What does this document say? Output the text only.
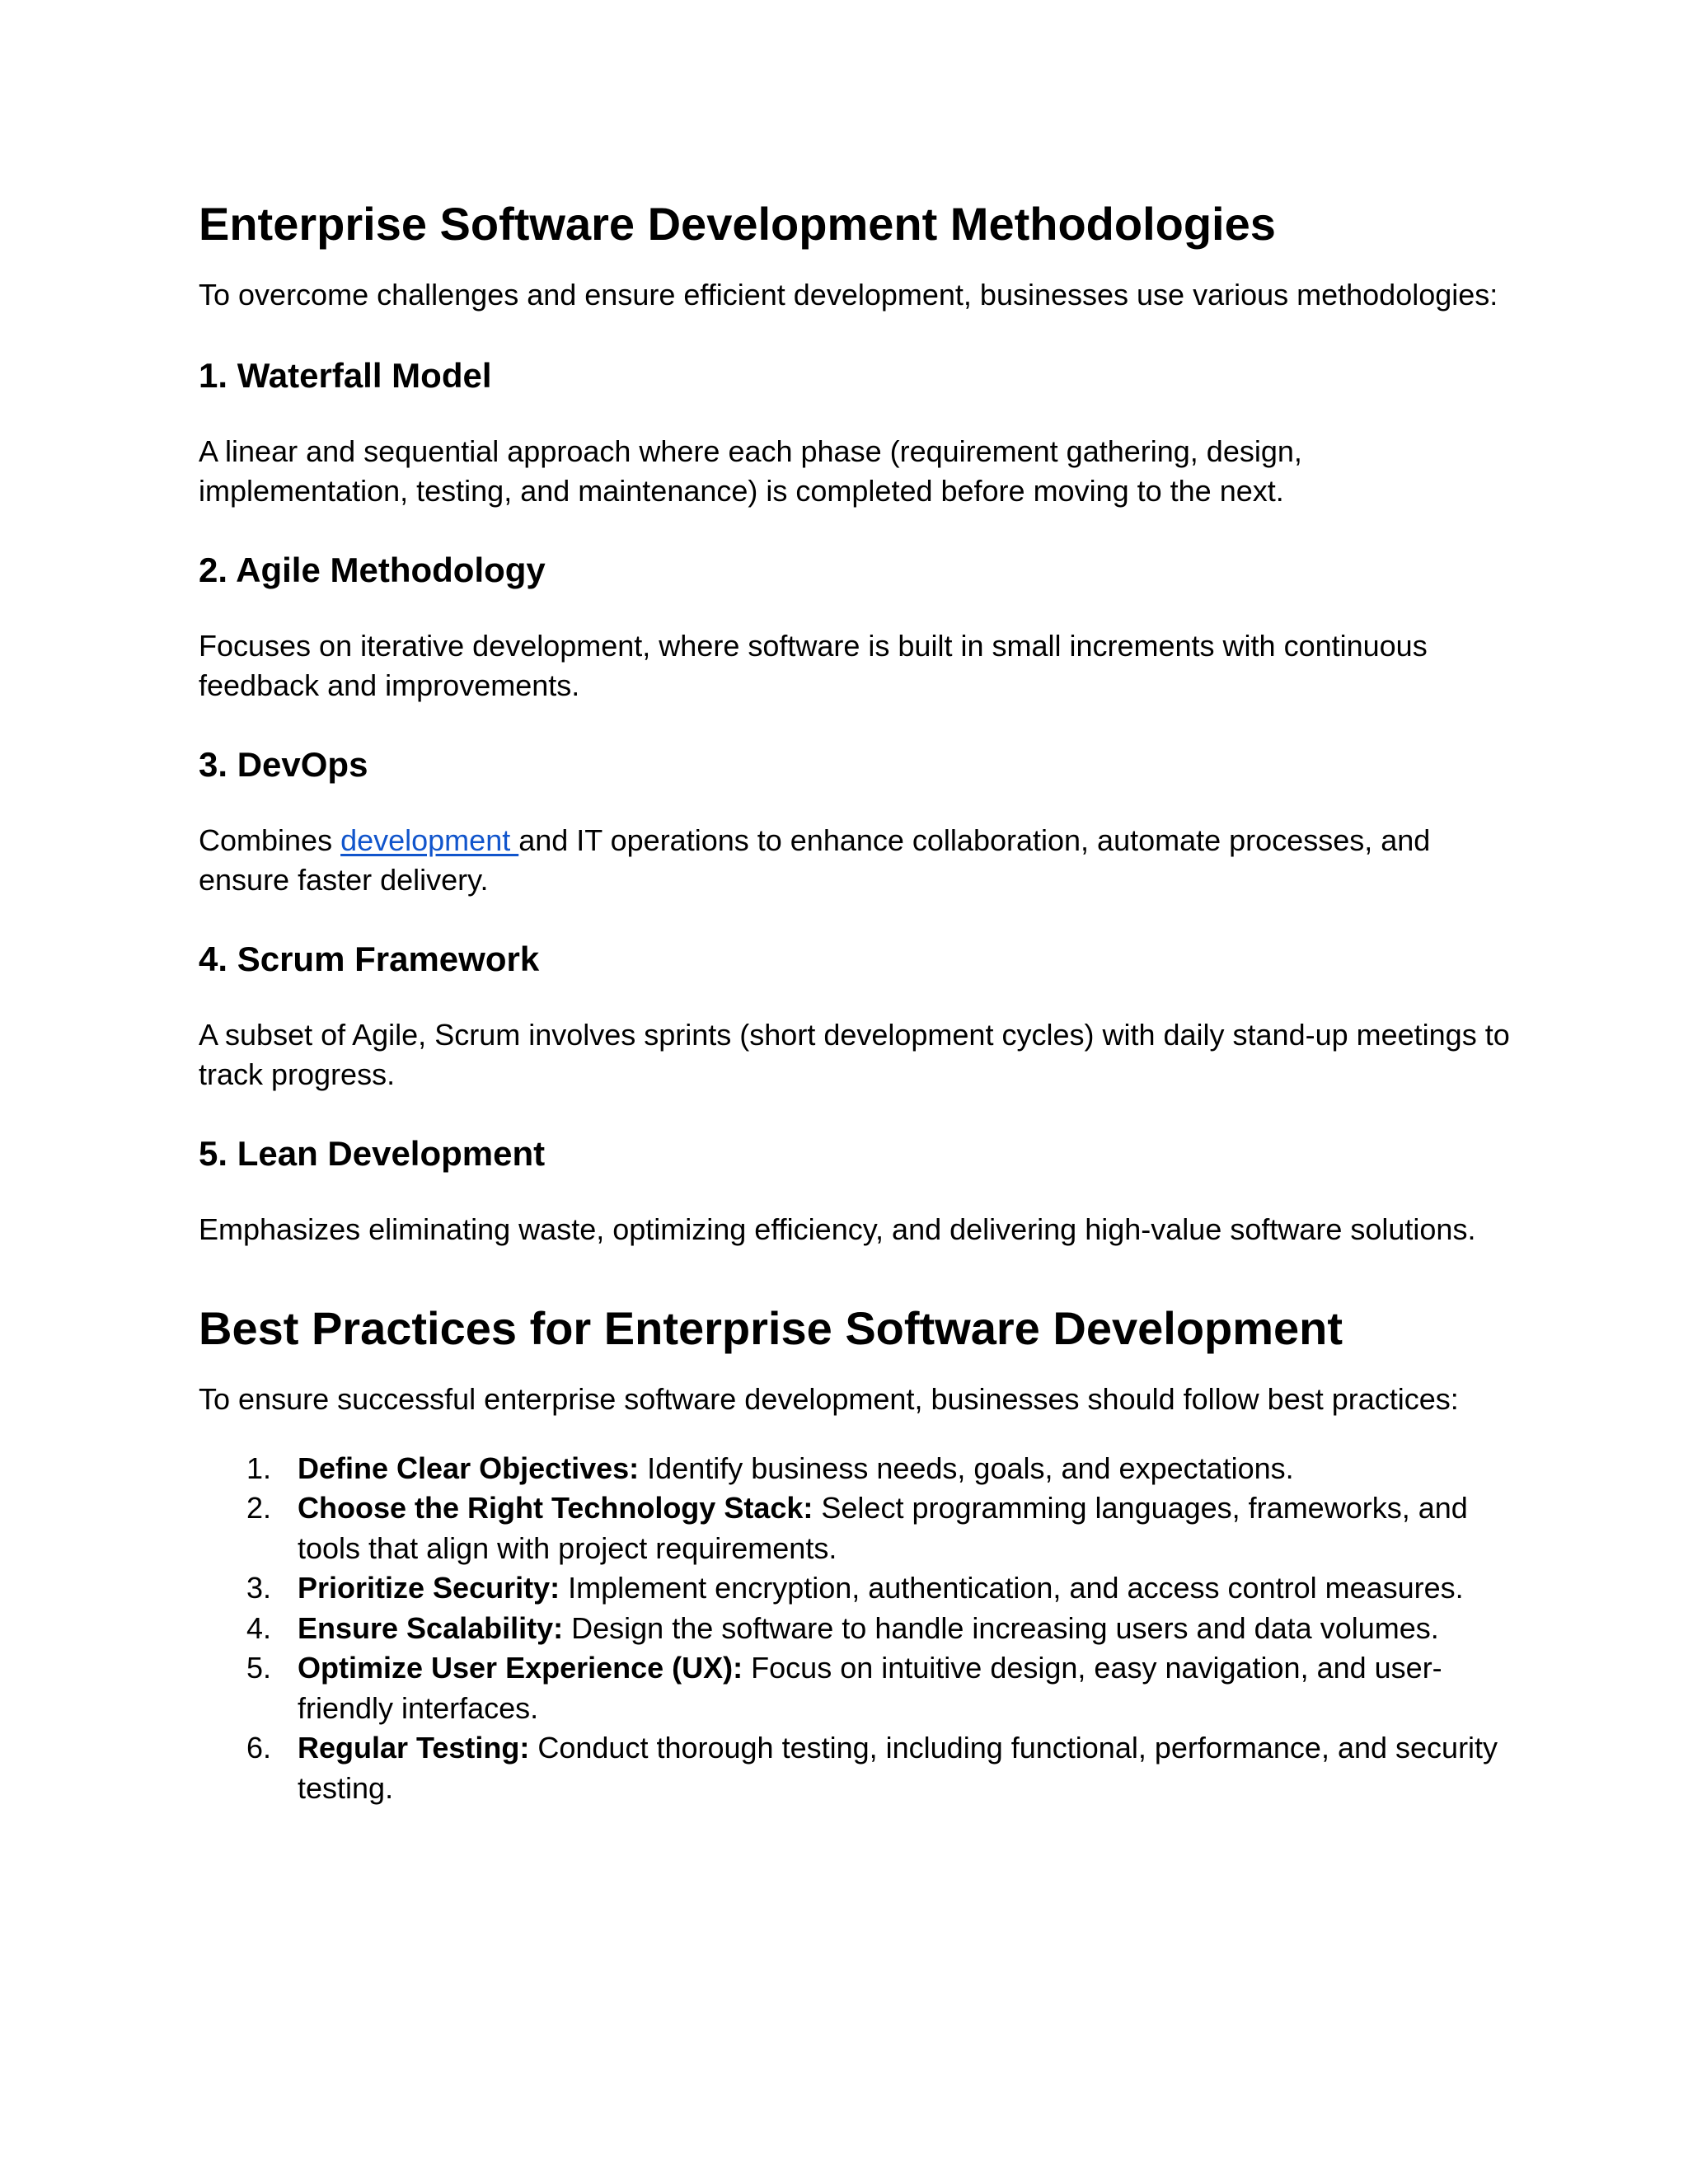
Enterprise Software Development Methodologies

To overcome challenges and ensure efficient development, businesses use various methodologies:

1. Waterfall Model

A linear and sequential approach where each phase (requirement gathering, design, implementation, testing, and maintenance) is completed before moving to the next.

2. Agile Methodology

Focuses on iterative development, where software is built in small increments with continuous feedback and improvements.

3. DevOps

Combines development and IT operations to enhance collaboration, automate processes, and ensure faster delivery.

4. Scrum Framework

A subset of Agile, Scrum involves sprints (short development cycles) with daily stand-up meetings to track progress.

5. Lean Development

Emphasizes eliminating waste, optimizing efficiency, and delivering high-value software solutions.

Best Practices for Enterprise Software Development

To ensure successful enterprise software development, businesses should follow best practices:

1. Define Clear Objectives: Identify business needs, goals, and expectations.
2. Choose the Right Technology Stack: Select programming languages, frameworks, and tools that align with project requirements.
3. Prioritize Security: Implement encryption, authentication, and access control measures.
4. Ensure Scalability: Design the software to handle increasing users and data volumes.
5. Optimize User Experience (UX): Focus on intuitive design, easy navigation, and user-friendly interfaces.
6. Regular Testing: Conduct thorough testing, including functional, performance, and security testing.
